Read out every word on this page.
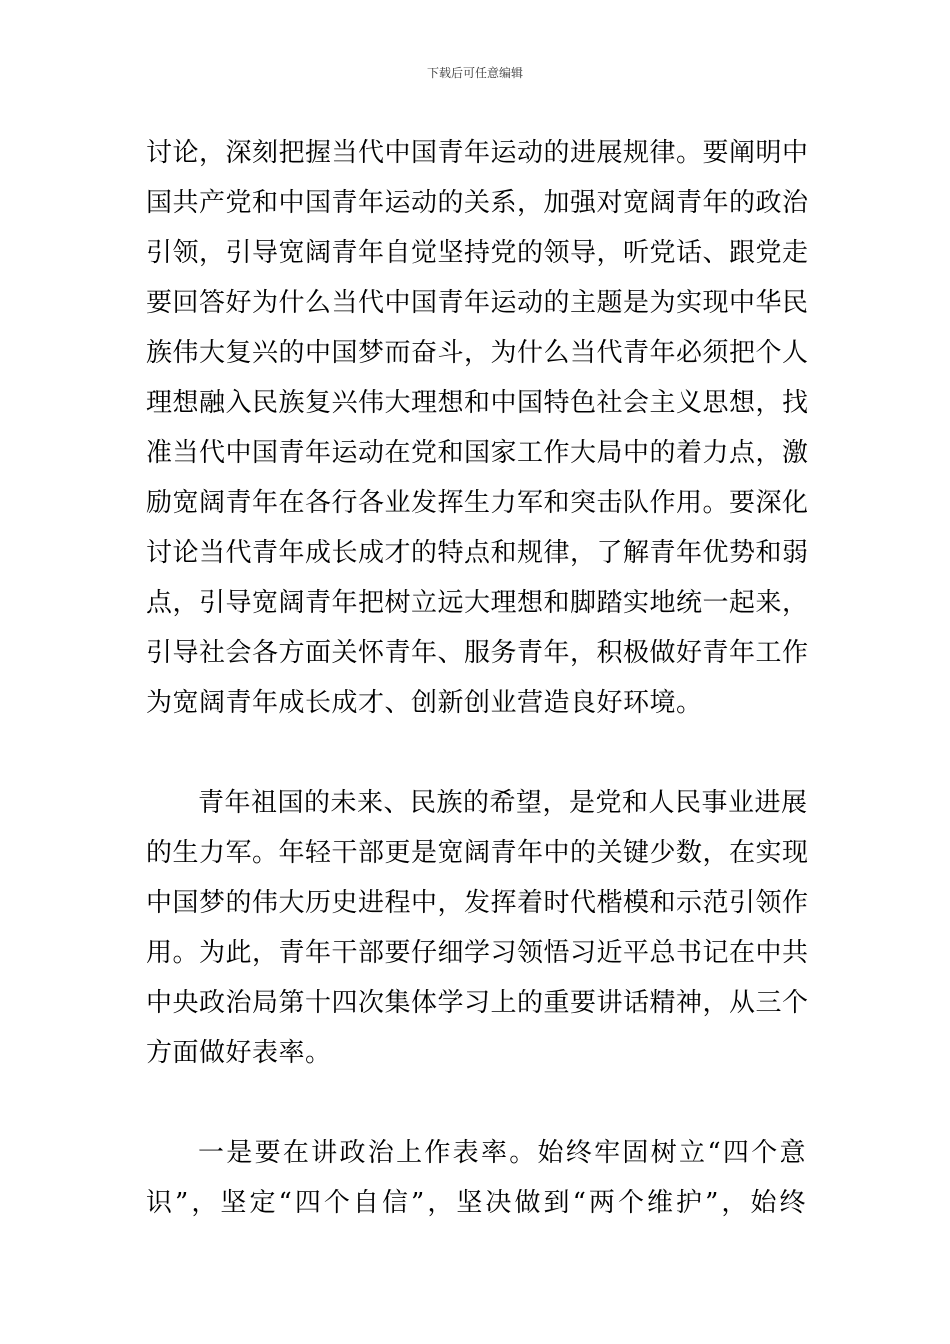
下载后可任意编辑
讨论，深刻把握当代中国青年运动的进展规律。要阐明中
国共产党和中国青年运动的关系，加强对宽阔青年的政治
引领，引导宽阔青年自觉坚持党的领导，听党话、跟党走
要回答好为什么当代中国青年运动的主题是为实现中华民
族伟大复兴的中国梦而奋斗，为什么当代青年必须把个人
理想融入民族复兴伟大理想和中国特色社会主义思想，找
准当代中国青年运动在党和国家工作大局中的着力点，激
励宽阔青年在各行各业发挥生力军和突击队作用。要深化
讨论当代青年成长成才的特点和规律，了解青年优势和弱
点，引导宽阔青年把树立远大理想和脚踏实地统一起来，
引导社会各方面关怀青年、服务青年，积极做好青年工作
为宽阔青年成长成才、创新创业营造良好环境。
青年祖国的未来、民族的希望，是党和人民事业进展
的生力军。年轻干部更是宽阔青年中的关键少数，在实现
中国梦的伟大历史进程中，发挥着时代楷模和示范引领作
用。为此，青年干部要仔细学习领悟习近平总书记在中共
中央政治局第十四次集体学习上的重要讲话精神，从三个
方面做好表率。
一是要在讲政治上作表率。始终牢固树立“四个意
识”，坚定“四个自信”，坚决做到“两个维护”，始终
